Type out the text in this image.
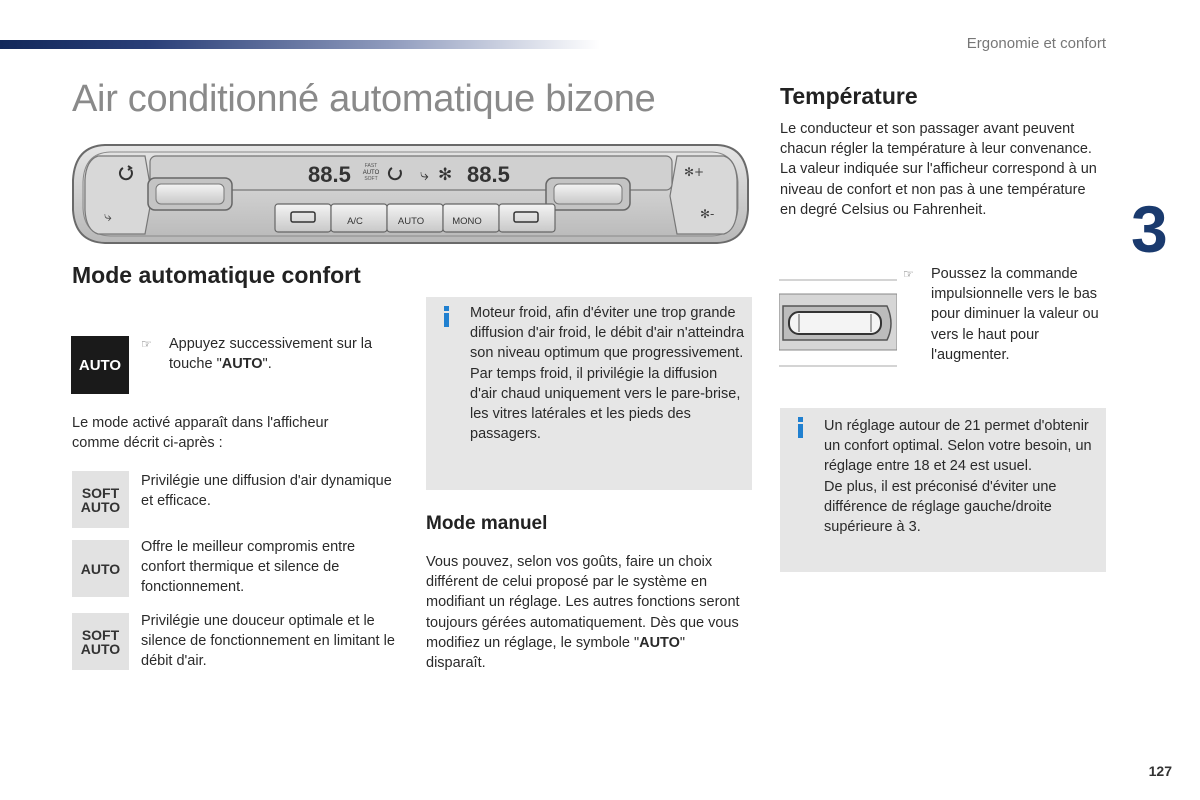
Ergonomie et confort
3
127
Air conditionné automatique bizone
88.5	88.5
FAST
AUTO
SOFT	⤷ ✻
⤷
✻+
✻-
A/C	AUTO	MONO
Mode automatique confort
AUTO
☞	Appuyez successivement sur la touche "AUTO".
Le mode activé apparaît dans l'afficheur comme décrit ci-après :
SOFT
AUTO
Privilégie une diffusion d'air dynamique et efficace.
AUTO
Offre le meilleur compromis entre confort thermique et silence de fonctionnement.
SOFT
AUTO
Privilégie une douceur optimale et le silence de fonctionnement en limitant le débit d'air.
Moteur froid, afin d'éviter une trop grande diffusion d'air froid, le débit d'air n'atteindra son niveau optimum que progressivement.
Par temps froid, il privilégie la diffusion d'air chaud uniquement vers le pare-brise, les vitres latérales et les pieds des passagers.
Mode manuel
Vous pouvez, selon vos goûts, faire un choix différent de celui proposé par le système en modifiant un réglage. Les autres fonctions seront toujours gérées automatiquement. Dès que vous modifiez un réglage, le symbole "AUTO" disparaît.
Température
Le conducteur et son passager avant peuvent chacun régler la température à leur convenance.
La valeur indiquée sur l'afficheur correspond à un niveau de confort et non pas à une température en degré Celsius ou Fahrenheit.
☞	Poussez la commande impulsionnelle vers le bas pour diminuer la valeur ou vers le haut pour l'augmenter.
Un réglage autour de 21 permet d'obtenir un confort optimal. Selon votre besoin, un réglage entre 18 et 24 est usuel.
De plus, il est préconisé d'éviter une différence de réglage gauche/droite supérieure à 3.
